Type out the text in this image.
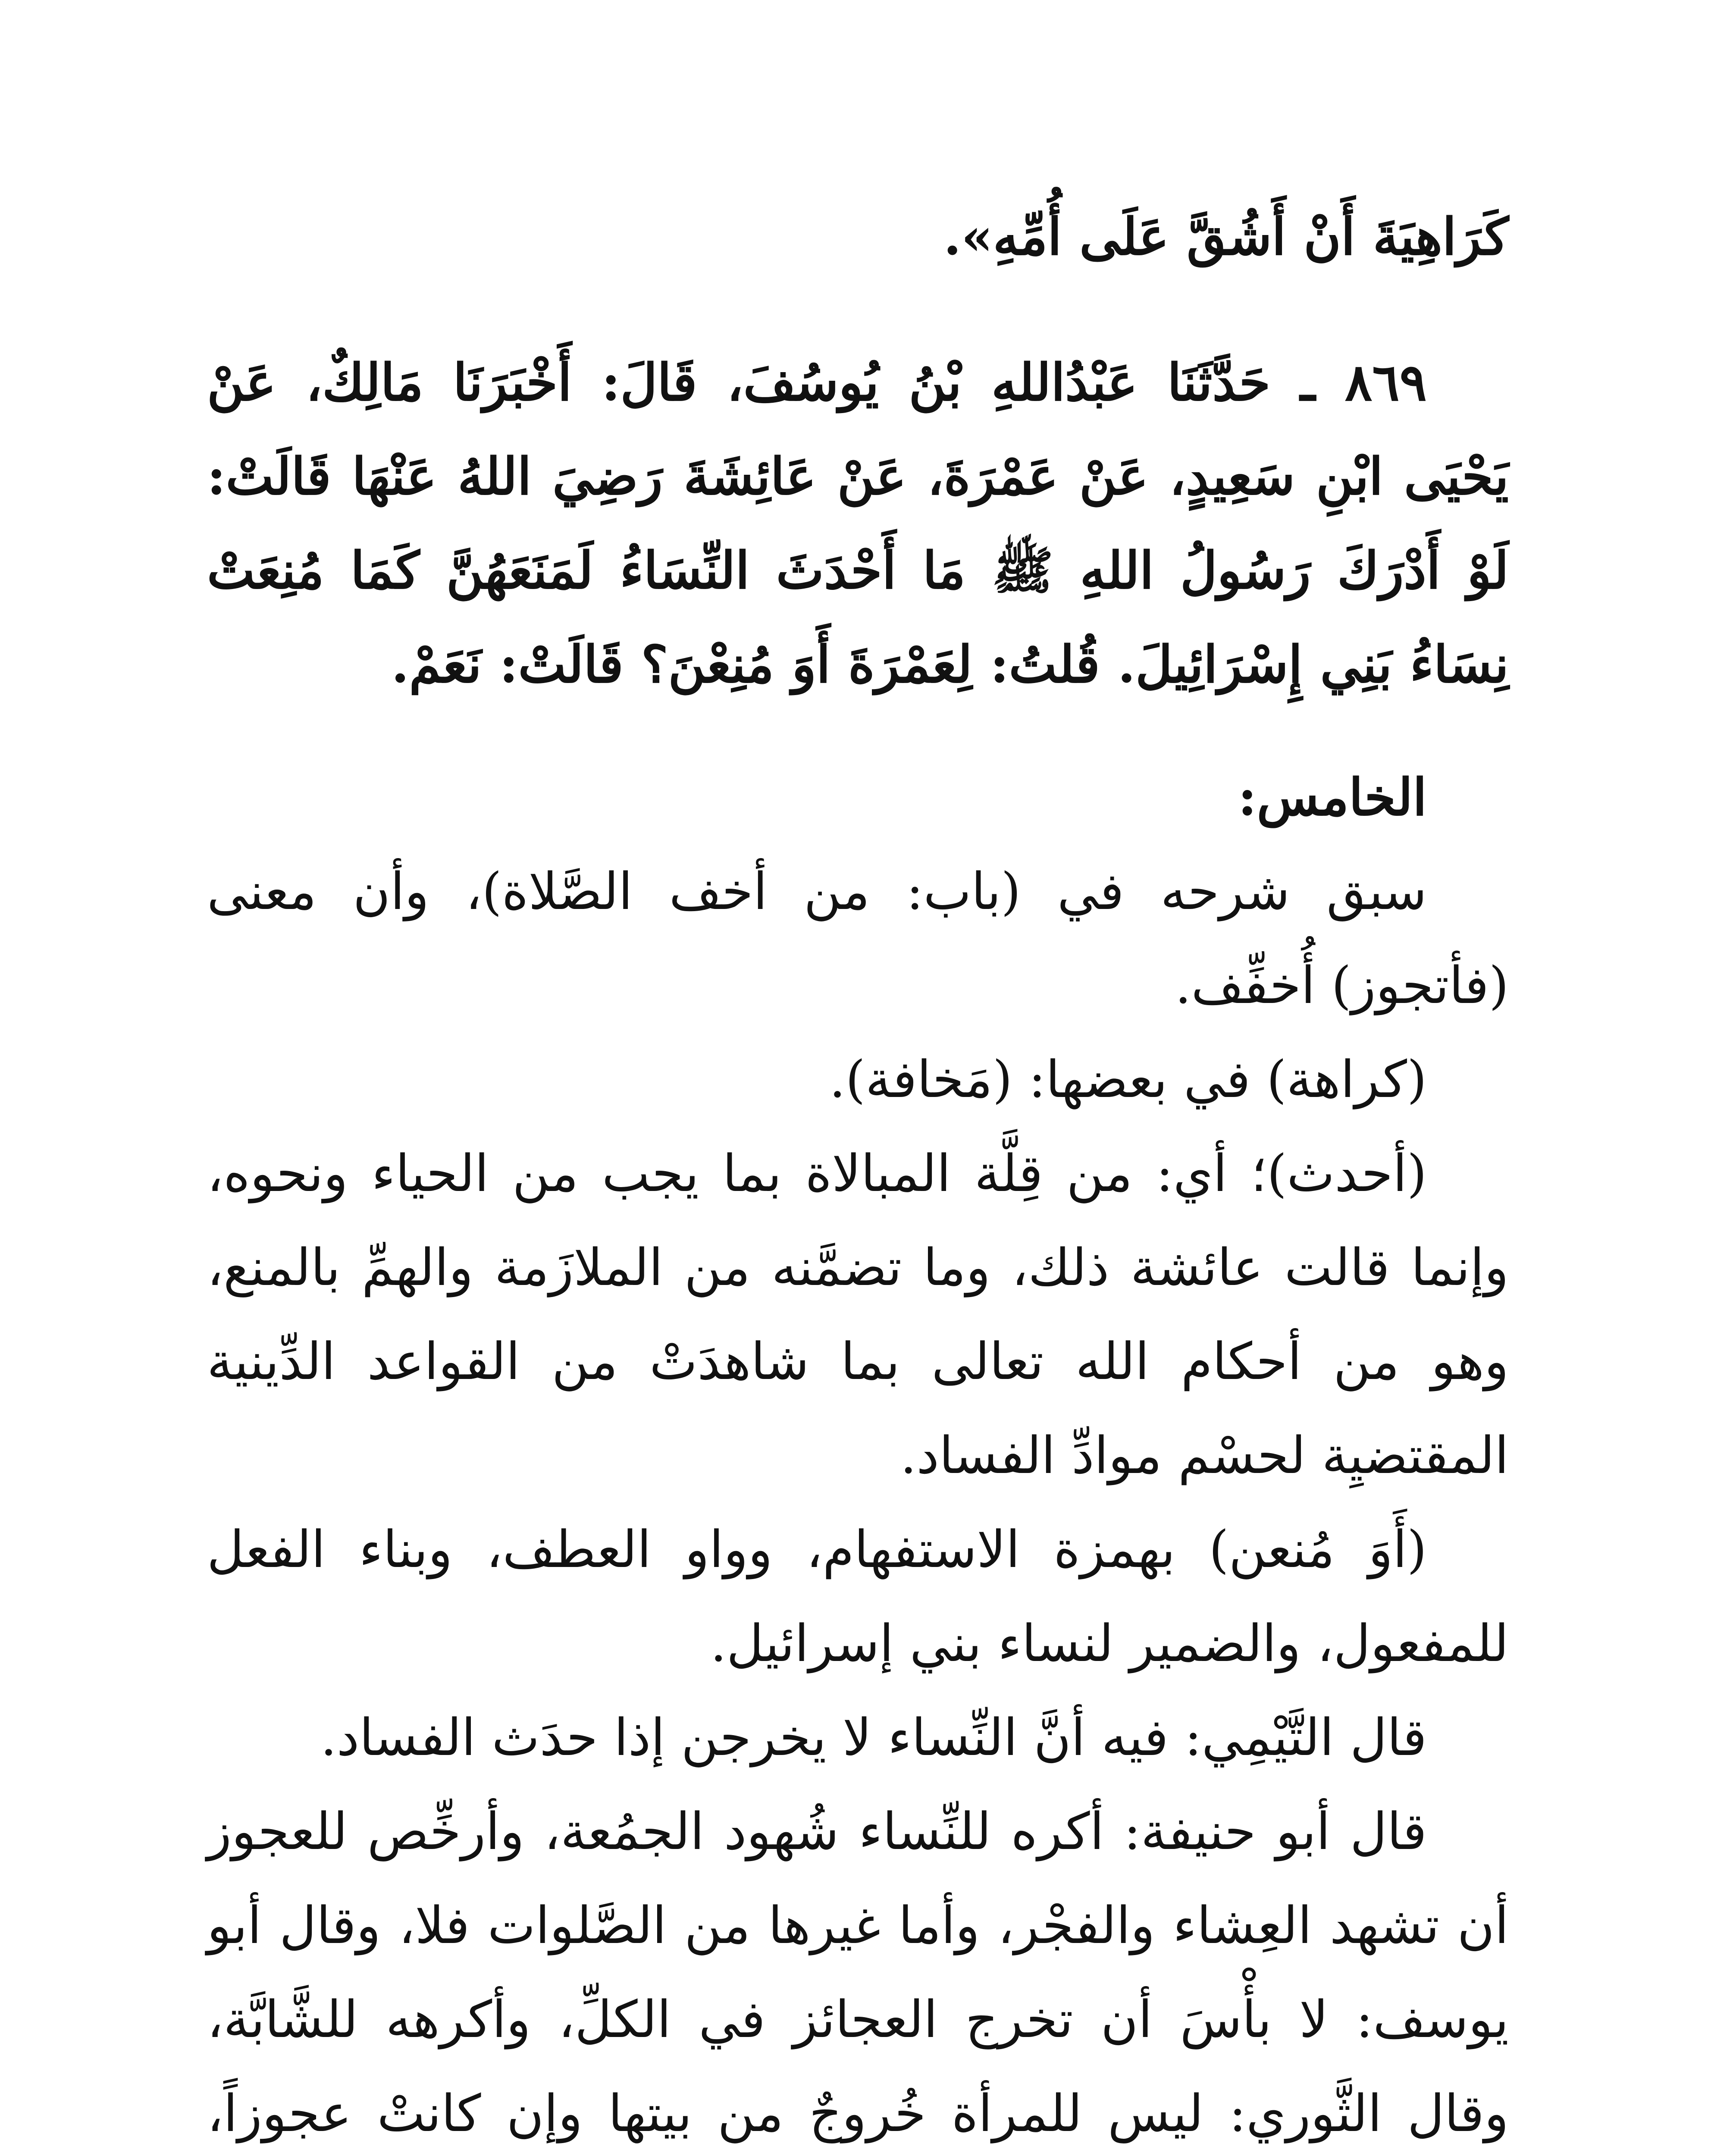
كَرَاهِيَةَ أَنْ أَشُقَّ عَلَى أُمِّهِ».

٨٦٩ ـ حَدَّثَنَا عَبْدُاللهِ بْنُ يُوسُفَ، قَالَ: أَخْبَرَنَا مَالِكٌ، عَنْ يَحْيَى ابْنِ سَعِيدٍ، عَنْ عَمْرَةَ، عَنْ عَائِشَةَ رَضِيَ اللهُ عَنْهَا قَالَتْ: لَوْ أَدْرَكَ رَسُولُ اللهِ ﷺ مَا أَحْدَثَ النِّسَاءُ لَمَنَعَهُنَّ كَمَا مُنِعَتْ نِسَاءُ بَنِي إِسْرَائِيلَ. قُلتُ: لِعَمْرَةَ أَوَ مُنِعْنَ؟ قَالَتْ: نَعَمْ.

الخامس:

سبق شرحه في (باب: من أخف الصَّلاة)، وأن معنى (فأتجوز) أُخفِّف.

(كراهة) في بعضها: (مَخافة).

(أحدث)؛ أي: من قِلَّة المبالاة بما يجب من الحياء ونحوه، وإنما قالت عائشة ذلك، وما تضمَّنه من الملازَمة والهمِّ بالمنع، وهو من أحكام الله تعالى بما شاهدَتْ من القواعد الدِّينية المقتضيِة لحسْم موادِّ الفساد.

(أَوَ مُنعن) بهمزة الاستفهام، وواو العطف، وبناء الفعل للمفعول، والضمير لنساء بني إسرائيل.

قال التَّيْمِي: فيه أنَّ النِّساء لا يخرجن إذا حدَث الفساد.

قال أبو حنيفة: أكره للنِّساء شُهود الجمُعة، وأرخِّص للعجوز أن تشهد العِشاء والفجْر، وأما غيرها من الصَّلوات فلا، وقال أبو يوسف: لا بأْسَ أن تخرج العجائز في الكلِّ، وأكرهه للشَّابَّة، وقال الثَّوري: ليس للمرأة خُروجٌ من بيتها وإن كانتْ عجوزاً،
